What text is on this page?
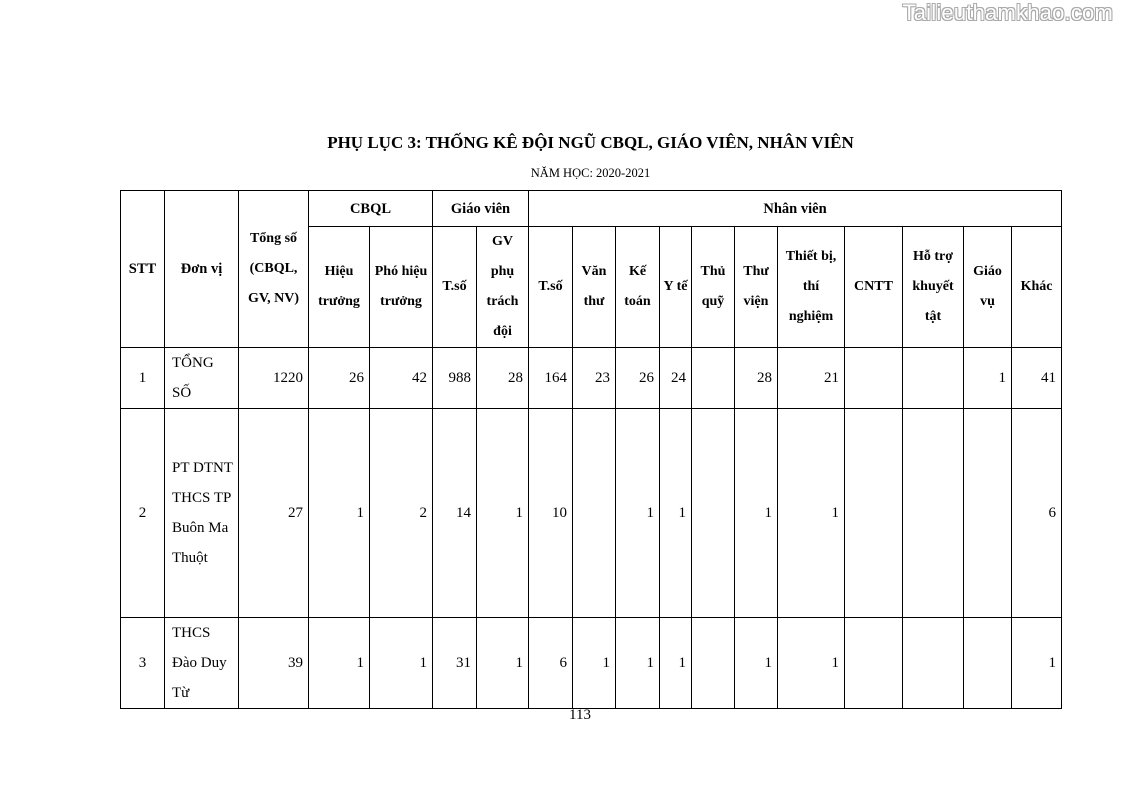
Tailieuthamkhao.com
PHỤ LỤC 3: THỐNG KÊ ĐỘI NGŨ CBQL, GIÁO VIÊN, NHÂN VIÊN
NĂM HỌC: 2020-2021
STT	Đơn vị	Tổng số (CBQL, GV, NV)	CBQL		Giáo viên		Nhân viên										
			Hiệu trưởng	Phó hiệu trưởng	T.số	GV phụ trách đội	T.số	Văn thư	Kế toán	Y tế	Thủ quỹ	Thư viện	Thiết bị, thí nghiệm	CNTT	Hỗ trợ khuyết tật	Giáo vụ	Khác
1	TỔNG SỐ	1220	26	42	988	28	164	23	26	24		28	21			1	41
2	PT DTNT THCS TP Buôn Ma Thuột	27	1	2	14	1	10		1	1		1	1				6
3	THCS Đào Duy Từ	39	1	1	31	1	6	1	1	1		1	1				1
113
